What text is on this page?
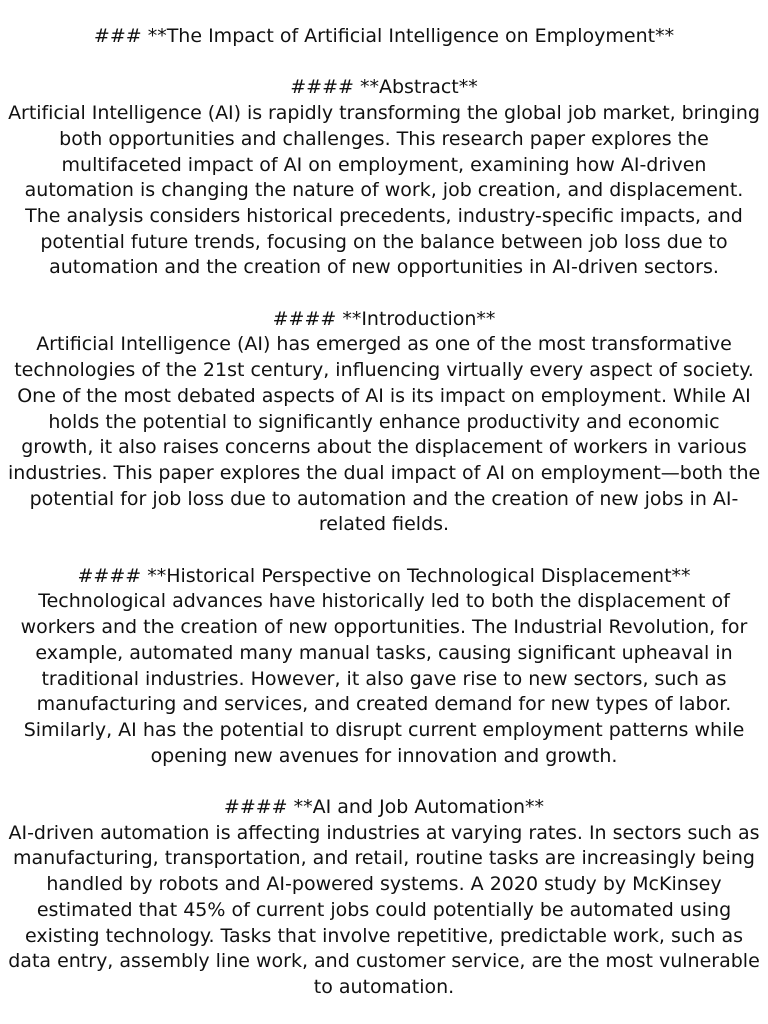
### **The Impact of Artificial Intelligence on Employment**
#### **Abstract**
Artificial Intelligence (AI) is rapidly transforming the global job market, bringing
both opportunities and challenges. This research paper explores the
multifaceted impact of AI on employment, examining how AI-driven
automation is changing the nature of work, job creation, and displacement.
The analysis considers historical precedents, industry-specific impacts, and
potential future trends, focusing on the balance between job loss due to
automation and the creation of new opportunities in AI-driven sectors.
#### **Introduction**
Artificial Intelligence (AI) has emerged as one of the most transformative
technologies of the 21st century, influencing virtually every aspect of society.
One of the most debated aspects of AI is its impact on employment. While AI
holds the potential to significantly enhance productivity and economic
growth, it also raises concerns about the displacement of workers in various
industries. This paper explores the dual impact of AI on employment—both the
potential for job loss due to automation and the creation of new jobs in AI-
related fields.
#### **Historical Perspective on Technological Displacement**
Technological advances have historically led to both the displacement of
workers and the creation of new opportunities. The Industrial Revolution, for
example, automated many manual tasks, causing significant upheaval in
traditional industries. However, it also gave rise to new sectors, such as
manufacturing and services, and created demand for new types of labor.
Similarly, AI has the potential to disrupt current employment patterns while
opening new avenues for innovation and growth.
#### **AI and Job Automation**
AI-driven automation is affecting industries at varying rates. In sectors such as
manufacturing, transportation, and retail, routine tasks are increasingly being
handled by robots and AI-powered systems. A 2020 study by McKinsey
estimated that 45% of current jobs could potentially be automated using
existing technology. Tasks that involve repetitive, predictable work, such as
data entry, assembly line work, and customer service, are the most vulnerable
to automation.
